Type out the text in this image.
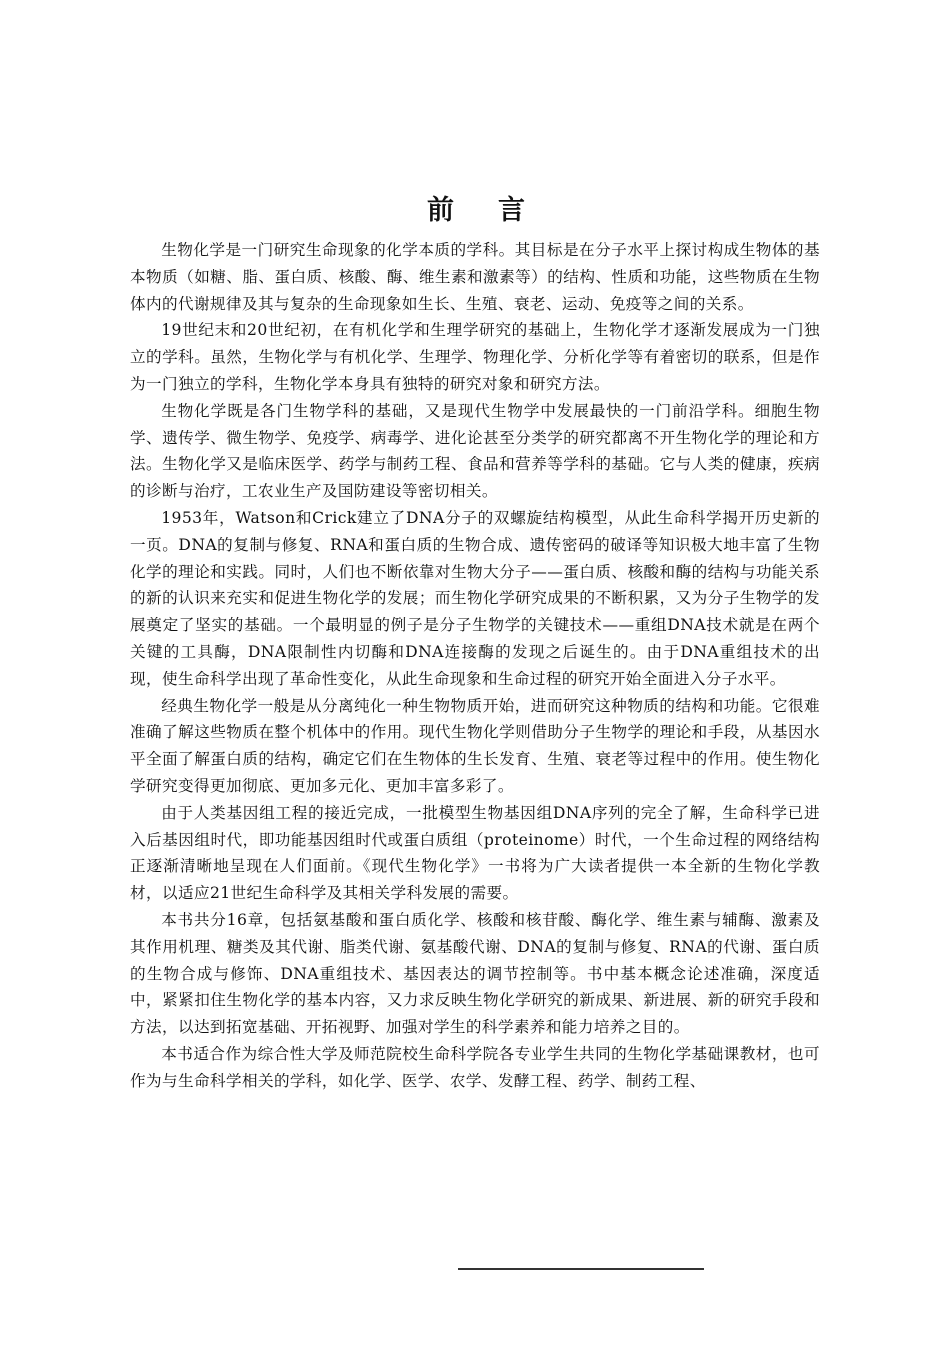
前言

生物化学是一门研究生命现象的化学本质的学科。其目标是在分子水平上探讨构成生物体的基本物质（如糖、脂、蛋白质、核酸、酶、维生素和激素等）的结构、性质和功能，这些物质在生物体内的代谢规律及其与复杂的生命现象如生长、生殖、衰老、运动、免疫等之间的关系。

19世纪末和20世纪初，在有机化学和生理学研究的基础上，生物化学才逐渐发展成为一门独立的学科。虽然，生物化学与有机化学、生理学、物理化学、分析化学等有着密切的联系，但是作为一门独立的学科，生物化学本身具有独特的研究对象和研究方法。

生物化学既是各门生物学科的基础，又是现代生物学中发展最快的一门前沿学科。细胞生物学、遗传学、微生物学、免疫学、病毒学、进化论甚至分类学的研究都离不开生物化学的理论和方法。生物化学又是临床医学、药学与制药工程、食品和营养等学科的基础。它与人类的健康，疾病的诊断与治疗，工农业生产及国防建设等密切相关。

1953年，Watson和Crick建立了DNA分子的双螺旋结构模型，从此生命科学揭开历史新的一页。DNA的复制与修复、RNA和蛋白质的生物合成、遗传密码的破译等知识极大地丰富了生物化学的理论和实践。同时，人们也不断依靠对生物大分子——蛋白质、核酸和酶的结构与功能关系的新的认识来充实和促进生物化学的发展；而生物化学研究成果的不断积累，又为分子生物学的发展奠定了坚实的基础。一个最明显的例子是分子生物学的关键技术——重组DNA技术就是在两个关键的工具酶，DNA限制性内切酶和DNA连接酶的发现之后诞生的。由于DNA重组技术的出现，使生命科学出现了革命性变化，从此生命现象和生命过程的研究开始全面进入分子水平。

经典生物化学一般是从分离纯化一种生物物质开始，进而研究这种物质的结构和功能。它很难准确了解这些物质在整个机体中的作用。现代生物化学则借助分子生物学的理论和手段，从基因水平全面了解蛋白质的结构，确定它们在生物体的生长发育、生殖、衰老等过程中的作用。使生物化学研究变得更加彻底、更加多元化、更加丰富多彩了。

由于人类基因组工程的接近完成，一批模型生物基因组DNA序列的完全了解，生命科学已进入后基因组时代，即功能基因组时代或蛋白质组（proteinome）时代，一个生命过程的网络结构正逐渐清晰地呈现在人们面前。《现代生物化学》一书将为广大读者提供一本全新的生物化学教材，以适应21世纪生命科学及其相关学科发展的需要。

本书共分16章，包括氨基酸和蛋白质化学、核酸和核苷酸、酶化学、维生素与辅酶、激素及其作用机理、糖类及其代谢、脂类代谢、氨基酸代谢、DNA的复制与修复、RNA的代谢、蛋白质的生物合成与修饰、DNA重组技术、基因表达的调节控制等。书中基本概念论述准确，深度适中，紧紧扣住生物化学的基本内容，又力求反映生物化学研究的新成果、新进展、新的研究手段和方法，以达到拓宽基础、开拓视野、加强对学生的科学素养和能力培养之目的。

本书适合作为综合性大学及师范院校生命科学院各专业学生共同的生物化学基础课教材，也可作为与生命科学相关的学科，如化学、医学、农学、发酵工程、药学、制药工程、
